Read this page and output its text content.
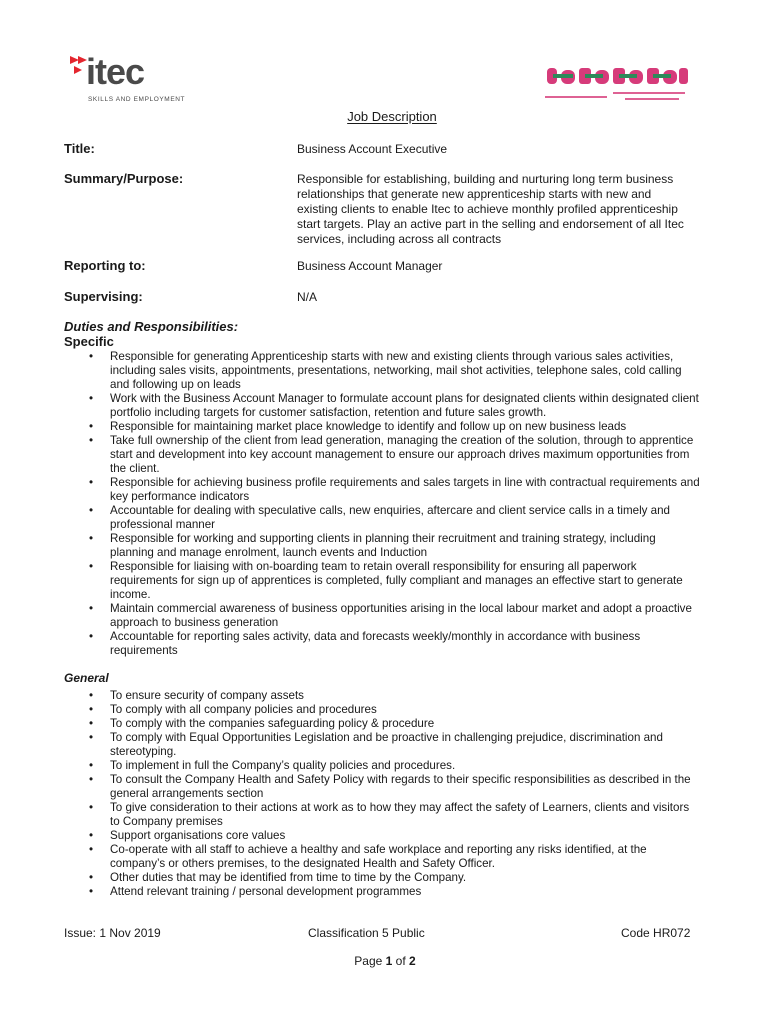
itec
SKILLS AND EMPLOYMENT
Job Description
Title:	Business Account Executive
Summary/Purpose:	Responsible for establishing, building and nurturing long term business relationships that generate new apprenticeship starts with new and existing clients to enable Itec to achieve monthly profiled apprenticeship start targets. Play an active part in the selling and endorsement of all Itec services, including across all contracts
Reporting to:	Business Account Manager
Supervising:	N/A
Duties and Responsibilities:
Specific
• Responsible for generating Apprenticeship starts with new and existing clients through various sales activities, including sales visits, appointments, presentations, networking, mail shot activities, telephone sales, cold calling and following up on leads
• Work with the Business Account Manager to formulate account plans for designated clients within designated client portfolio including targets for customer satisfaction, retention and future sales growth.
• Responsible for maintaining market place knowledge to identify and follow up on new business leads
• Take full ownership of the client from lead generation, managing the creation of the solution, through to apprentice start and development into key account management to ensure our approach drives maximum opportunities from the client.
• Responsible for achieving business profile requirements and sales targets in line with contractual requirements and key performance indicators
• Accountable for dealing with speculative calls, new enquiries, aftercare and client service calls in a timely and professional manner
• Responsible for working and supporting clients in planning their recruitment and training strategy, including planning and manage enrolment, launch events and Induction
• Responsible for liaising with on-boarding team to retain overall responsibility for ensuring all paperwork requirements for sign up of apprentices is completed, fully compliant and manages an effective start to generate income.
• Maintain commercial awareness of business opportunities arising in the local labour market and adopt a proactive approach to business generation
• Accountable for reporting sales activity, data and forecasts weekly/monthly in accordance with business requirements
General
• To ensure security of company assets
• To comply with all company policies and procedures
• To comply with the companies safeguarding policy & procedure
• To comply with Equal Opportunities Legislation and be proactive in challenging prejudice, discrimination and stereotyping.
• To implement in full the Company’s quality policies and procedures.
• To consult the Company Health and Safety Policy with regards to their specific responsibilities as described in the general arrangements section
• To give consideration to their actions at work as to how they may affect the safety of Learners, clients and visitors to Company premises
• Support organisations core values
• Co-operate with all staff to achieve a healthy and safe workplace and reporting any risks identified, at the company’s or others premises, to the designated Health and Safety Officer.
• Other duties that may be identified from time to time by the Company.
• Attend relevant training / personal development programmes
Issue: 1 Nov 2019	Classification 5 Public	Code HR072
Page 1 of 2
